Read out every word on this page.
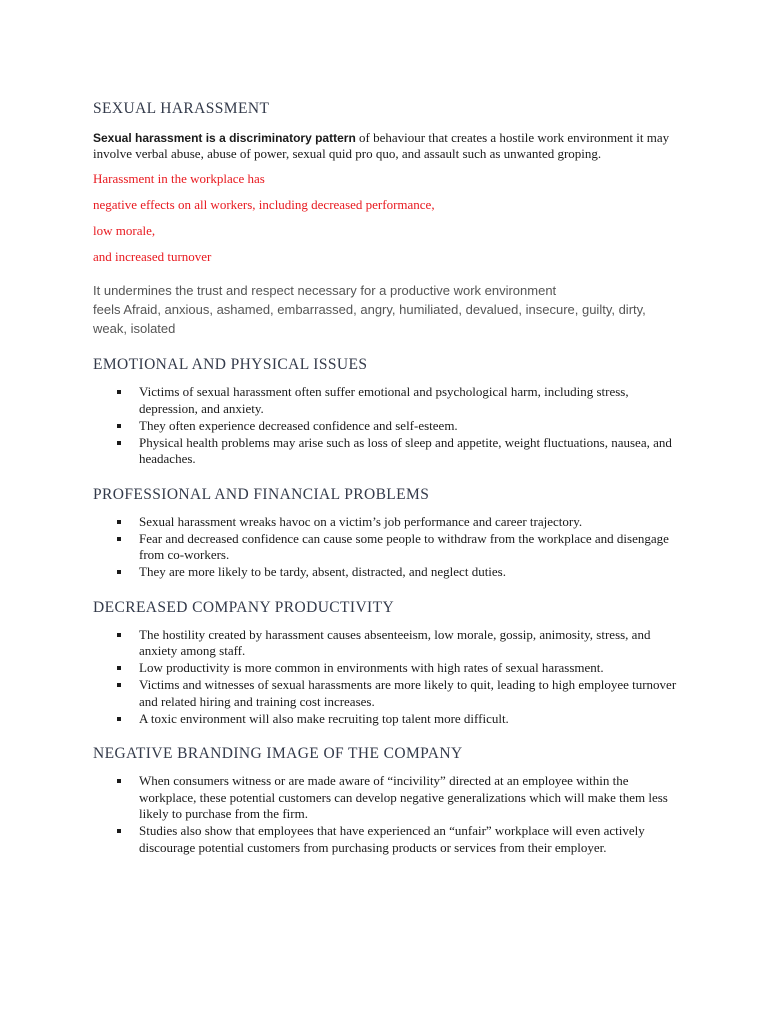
SEXUAL HARASSMENT

Sexual harassment is a discriminatory pattern of behaviour that creates a hostile work environment it may involve verbal abuse, abuse of power, sexual quid pro quo, and assault such as unwanted groping.

Harassment in the workplace has

negative effects on all workers, including decreased performance,

low morale,

and increased turnover

It undermines the trust and respect necessary for a productive work environment
feels Afraid, anxious, ashamed, embarrassed, angry, humiliated, devalued, insecure, guilty, dirty, weak, isolated
EMOTIONAL AND PHYSICAL ISSUES
Victims of sexual harassment often suffer emotional and psychological harm, including stress, depression, and anxiety.
They often experience decreased confidence and self-esteem.
Physical health problems may arise such as loss of sleep and appetite, weight fluctuations, nausea, and headaches.
PROFESSIONAL AND FINANCIAL PROBLEMS
Sexual harassment wreaks havoc on a victim’s job performance and career trajectory.
Fear and decreased confidence can cause some people to withdraw from the workplace and disengage from co-workers.
They are more likely to be tardy, absent, distracted, and neglect duties.
DECREASED COMPANY PRODUCTIVITY
The hostility created by harassment causes absenteeism, low morale, gossip, animosity, stress, and anxiety among staff.
Low productivity is more common in environments with high rates of sexual harassment.
Victims and witnesses of sexual harassments are more likely to quit, leading to high employee turnover and related hiring and training cost increases.
A toxic environment will also make recruiting top talent more difficult.
NEGATIVE BRANDING IMAGE OF THE COMPANY
When consumers witness or are made aware of “incivility” directed at an employee within the workplace, these potential customers can develop negative generalizations which will make them less likely to purchase from the firm.
Studies also show that employees that have experienced an “unfair” workplace will even actively discourage potential customers from purchasing products or services from their employer.
